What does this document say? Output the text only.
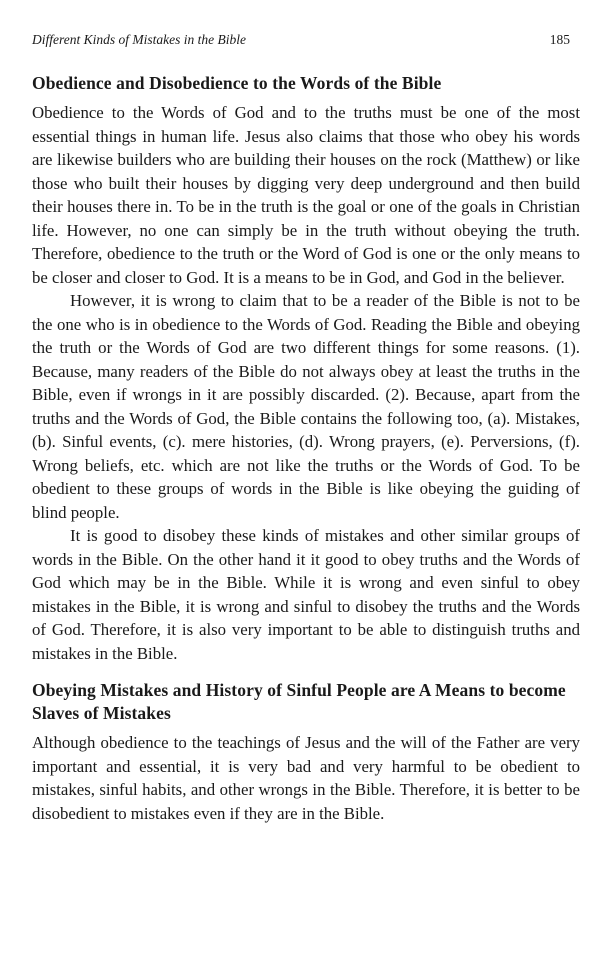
Different Kinds of Mistakes in the Bible	185
Obedience and Disobedience to the Words of the Bible

Obedience to the Words of God and to the truths must be one of the most essential things in human life. Jesus also claims that those who obey his words are likewise builders who are building their houses on the rock (Matthew) or like those who built their houses by digging very deep underground and then build their houses there in. To be in the truth is the goal or one of the goals in Christian life. However, no one can simply be in the truth without obeying the truth. Therefore, obedience to the truth or the Word of God is one or the only means to be closer and closer to God. It is a means to be in God, and God in the believer.

However, it is wrong to claim that to be a reader of the Bible is not to be the one who is in obedience to the Words of God. Reading the Bible and obeying the truth or the Words of God are two different things for some reasons. (1). Because, many readers of the Bible do not always obey at least the truths in the Bible, even if wrongs in it are possibly discarded. (2). Because, apart from the truths and the Words of God, the Bible contains the following too, (a). Mistakes, (b). Sinful events, (c). mere histories, (d). Wrong prayers, (e). Perversions, (f). Wrong beliefs, etc. which are not like the truths or the Words of God. To be obedient to these groups of words in the Bible is like obeying the guiding of blind people.

It is good to disobey these kinds of mistakes and other similar groups of words in the Bible. On the other hand it it good to obey truths and the Words of God which may be in the Bible. While it is wrong and even sinful to obey mistakes in the Bible, it is wrong and sinful to disobey the truths and the Words of God. Therefore, it is also very important to be able to distinguish truths and mistakes in the Bible.

Obeying Mistakes and History of Sinful People are A Means to become Slaves of Mistakes

Although obedience to the teachings of Jesus and the will of the Father are very important and essential, it is very bad and very harmful to be obedient to mistakes, sinful habits, and other wrongs in the Bible. Therefore, it is better to be disobedient to mistakes even if they are in the Bible.
